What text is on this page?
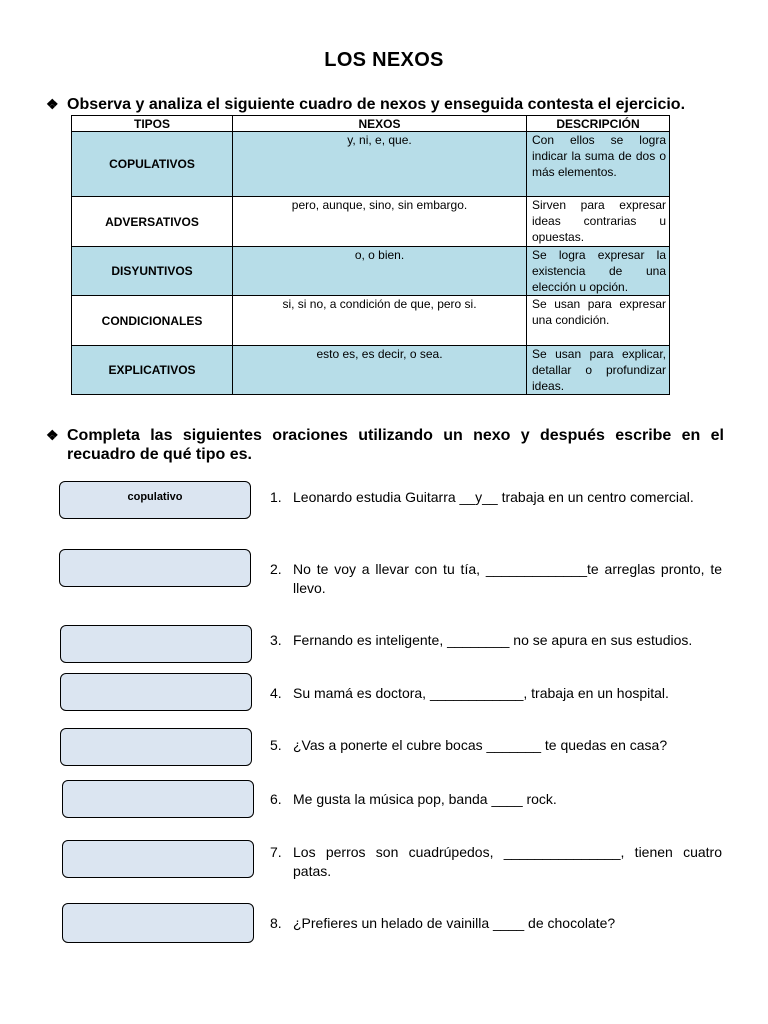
LOS NEXOS
❖ Observa y analiza el siguiente cuadro de nexos y enseguida contesta el ejercicio.
TIPOS	NEXOS	DESCRIPCIÓN
COPULATIVOS	y, ni, e, que.	Con ellos se logra indicar la suma de dos o más elementos.

ADVERSATIVOS	pero, aunque, sino, sin embargo.	Sirven para expresar ideas contrarias u opuestas.

DISYUNTIVOS	o, o bien.	Se logra expresar la existencia de una elección u opción.

CONDICIONALES	si, si no, a condición de que, pero si.	Se usan para expresar una condición.

EXPLICATIVOS	esto es, es decir, o sea.	Se usan para explicar, detallar o profundizar ideas.
❖ Completa las siguientes oraciones utilizando un nexo y después escribe en el recuadro de qué tipo es.
copulativo	1. Leonardo estudia Guitarra __y__ trabaja en un centro comercial.
2. No te voy a llevar con tu tía, _____________te arreglas pronto, te llevo.
3. Fernando es inteligente, ________ no se apura en sus estudios.
4. Su mamá es doctora, ____________, trabaja en un hospital.
5. ¿Vas a ponerte el cubre bocas _______ te quedas en casa?
6. Me gusta la música pop, banda ____ rock.
7. Los perros son cuadrúpedos, _______________, tienen cuatro patas.
8. ¿Prefieres un helado de vainilla ____ de chocolate?
